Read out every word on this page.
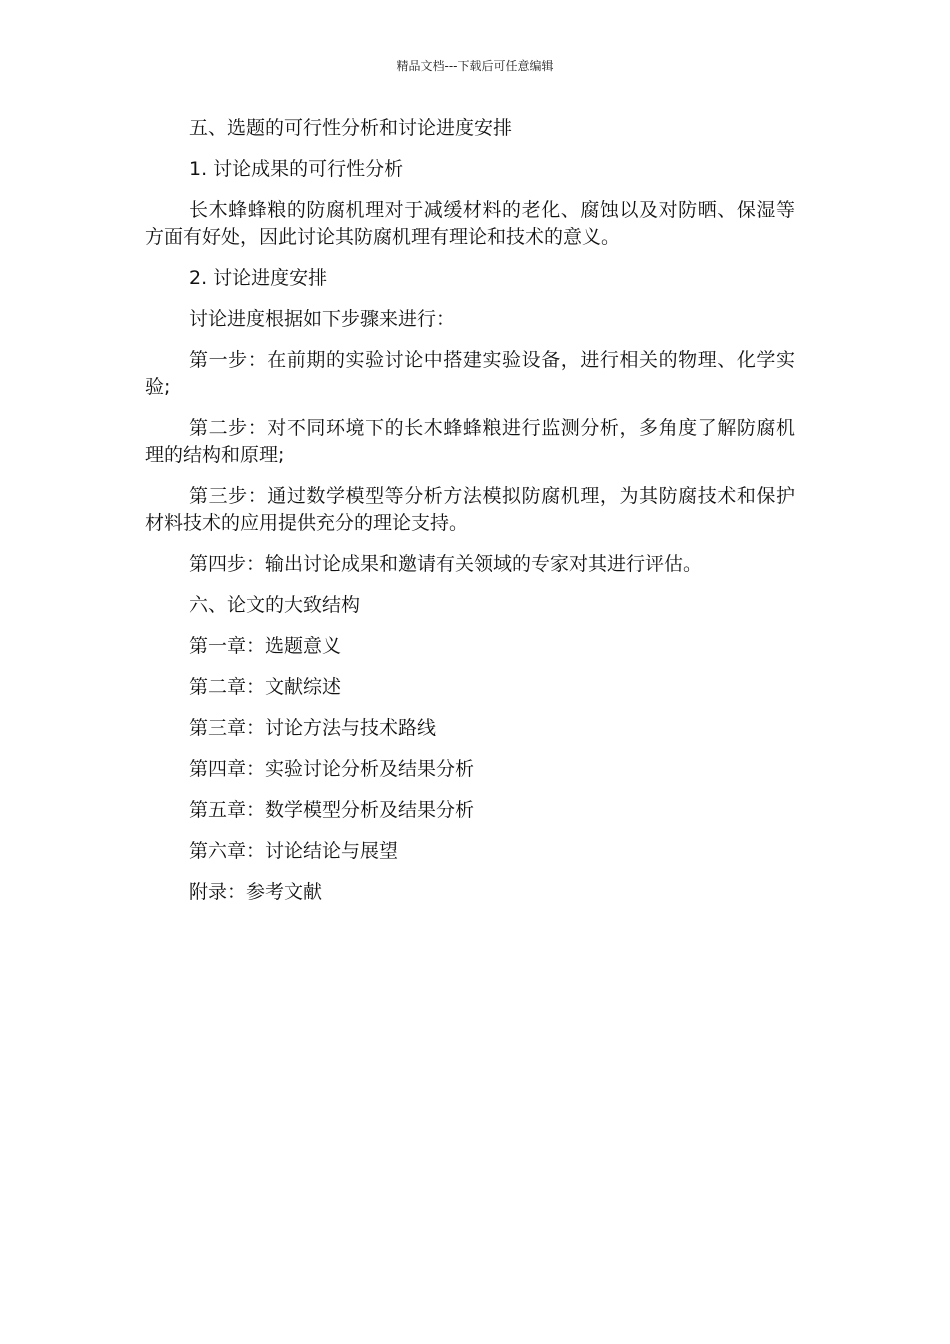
精品文档---下载后可任意编辑

五、选题的可行性分析和讨论进度安排

1. 讨论成果的可行性分析

长木蜂蜂粮的防腐机理对于减缓材料的老化、腐蚀以及对防晒、保湿等方面有好处，因此讨论其防腐机理有理论和技术的意义。

2. 讨论进度安排

讨论进度根据如下步骤来进行：

第一步：在前期的实验讨论中搭建实验设备，进行相关的物理、化学实验;

第二步：对不同环境下的长木蜂蜂粮进行监测分析，多角度了解防腐机理的结构和原理;

第三步：通过数学模型等分析方法模拟防腐机理，为其防腐技术和保护材料技术的应用提供充分的理论支持。

第四步：输出讨论成果和邀请有关领域的专家对其进行评估。

六、论文的大致结构

第一章：选题意义

第二章：文献综述

第三章：讨论方法与技术路线

第四章：实验讨论分析及结果分析

第五章：数学模型分析及结果分析

第六章：讨论结论与展望

附录：参考文献
